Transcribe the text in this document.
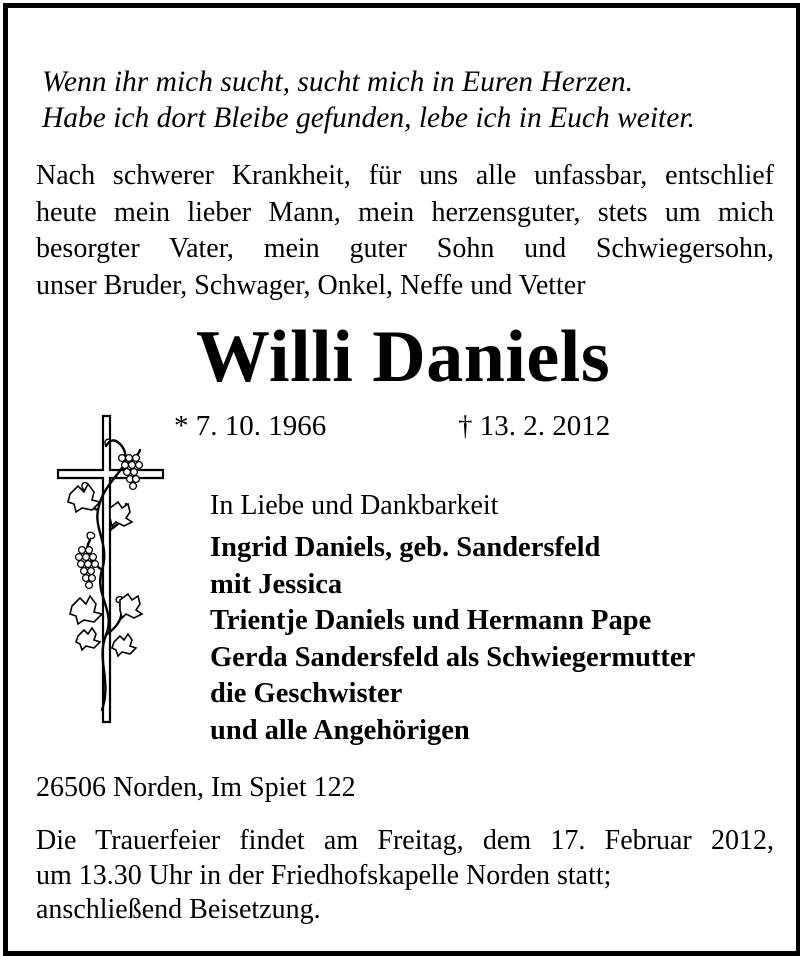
Wenn ihr mich sucht, sucht mich in Euren Herzen.
Habe ich dort Bleibe gefunden, lebe ich in Euch weiter.
Nach schwerer Krankheit, für uns alle unfassbar, entschlief
heute mein lieber Mann, mein herzensguter, stets um mich
besorgter Vater, mein guter Sohn und Schwiegersohn,
unser Bruder, Schwager, Onkel, Neffe und Vetter
Willi Daniels
* 7. 10. 1966	† 13. 2. 2012
In Liebe und Dankbarkeit
Ingrid Daniels, geb. Sandersfeld
mit Jessica
Trientje Daniels und Hermann Pape
Gerda Sandersfeld als Schwiegermutter
die Geschwister
und alle Angehörigen
26506 Norden, Im Spiet 122
Die Trauerfeier findet am Freitag, dem 17. Februar 2012,
um 13.30 Uhr in der Friedhofskapelle Norden statt;
anschließend Beisetzung.
